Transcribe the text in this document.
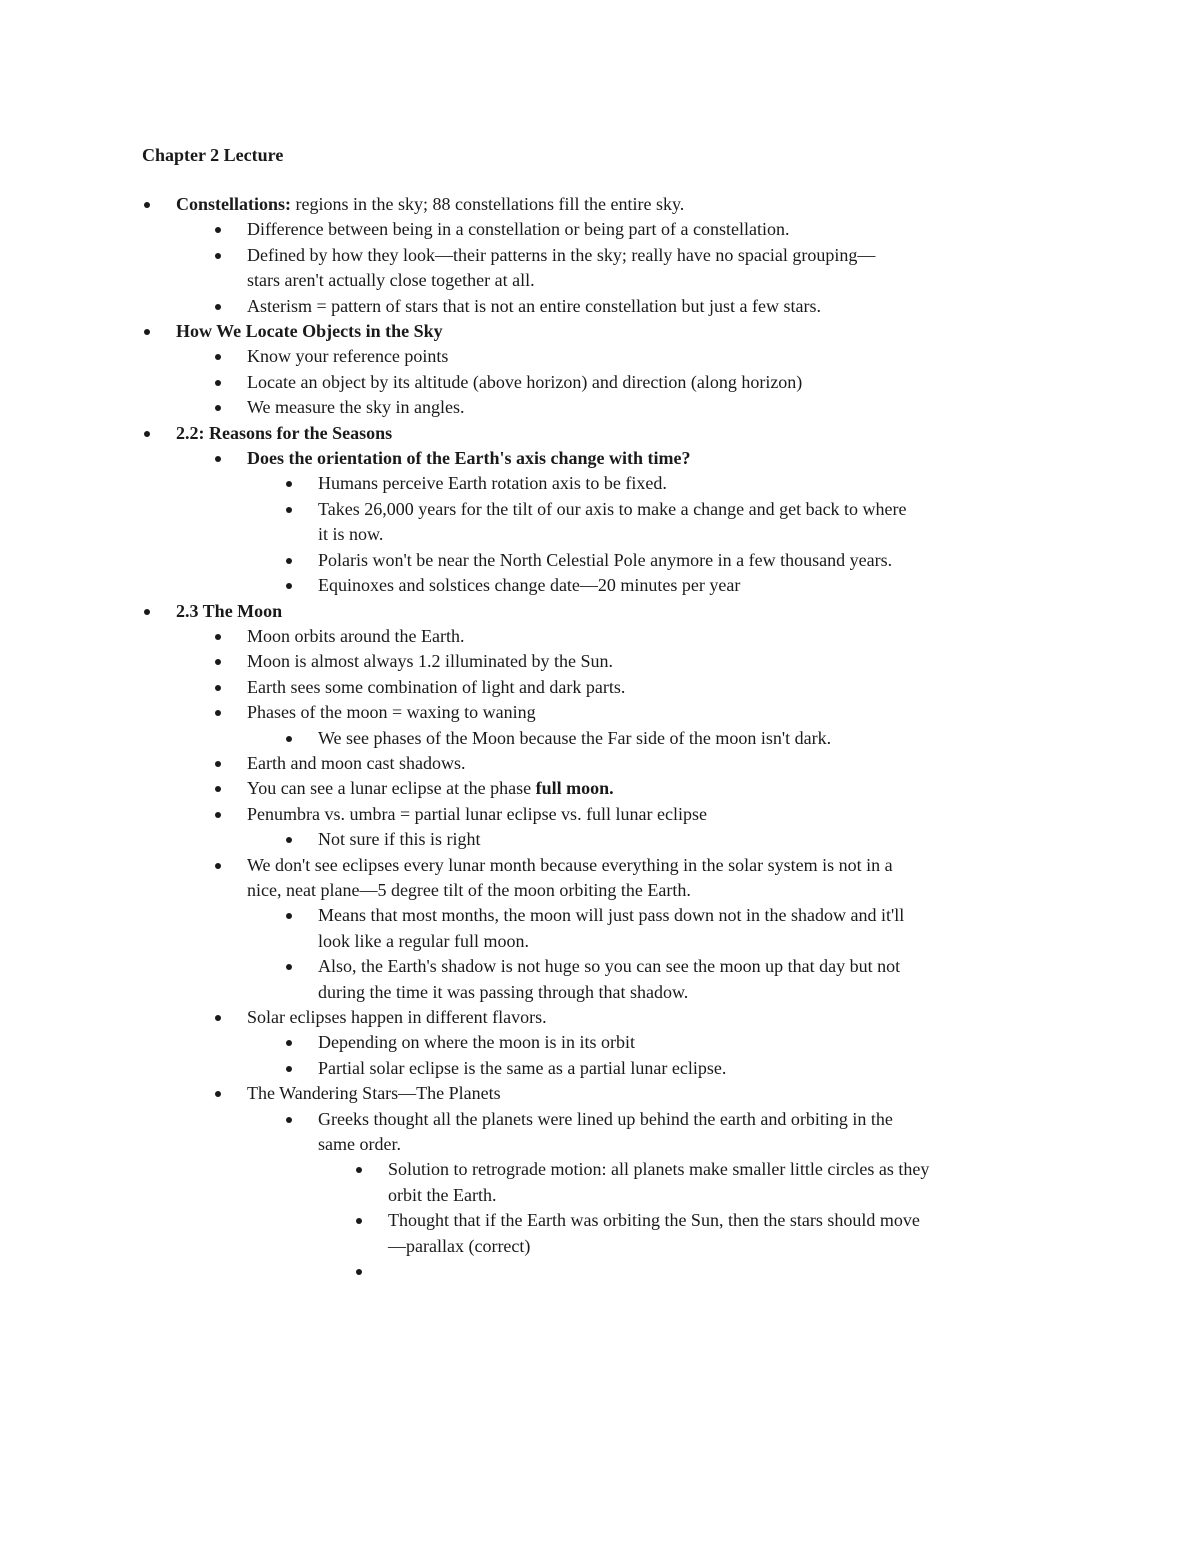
Chapter 2 Lecture
Constellations: regions in the sky; 88 constellations fill the entire sky.
Difference between being in a constellation or being part of a constellation.
Defined by how they look—their patterns in the sky; really have no spacial grouping—
stars aren't actually close together at all.
Asterism = pattern of stars that is not an entire constellation but just a few stars.
How We Locate Objects in the Sky
Know your reference points
Locate an object by its altitude (above horizon) and direction (along horizon)
We measure the sky in angles.
2.2: Reasons for the Seasons
Does the orientation of the Earth's axis change with time?
Humans perceive Earth rotation axis to be fixed.
Takes 26,000 years for the tilt of our axis to make a change and get back to where
it is now.
Polaris won't be near the North Celestial Pole anymore in a few thousand years.
Equinoxes and solstices change date—20 minutes per year
2.3 The Moon
Moon orbits around the Earth.
Moon is almost always 1.2 illuminated by the Sun.
Earth sees some combination of light and dark parts.
Phases of the moon = waxing to waning
We see phases of the Moon because the Far side of the moon isn't dark.
Earth and moon cast shadows.
You can see a lunar eclipse at the phase full moon.
Penumbra vs. umbra = partial lunar eclipse vs. full lunar eclipse
Not sure if this is right
We don't see eclipses every lunar month because everything in the solar system is not in a
nice, neat plane—5 degree tilt of the moon orbiting the Earth.
Means that most months, the moon will just pass down not in the shadow and it'll
look like a regular full moon.
Also, the Earth's shadow is not huge so you can see the moon up that day but not
during the time it was passing through that shadow.
Solar eclipses happen in different flavors.
Depending on where the moon is in its orbit
Partial solar eclipse is the same as a partial lunar eclipse.
The Wandering Stars—The Planets
Greeks thought all the planets were lined up behind the earth and orbiting in the
same order.
Solution to retrograde motion: all planets make smaller little circles as they
orbit the Earth.
Thought that if the Earth was orbiting the Sun, then the stars should move
—parallax (correct)
